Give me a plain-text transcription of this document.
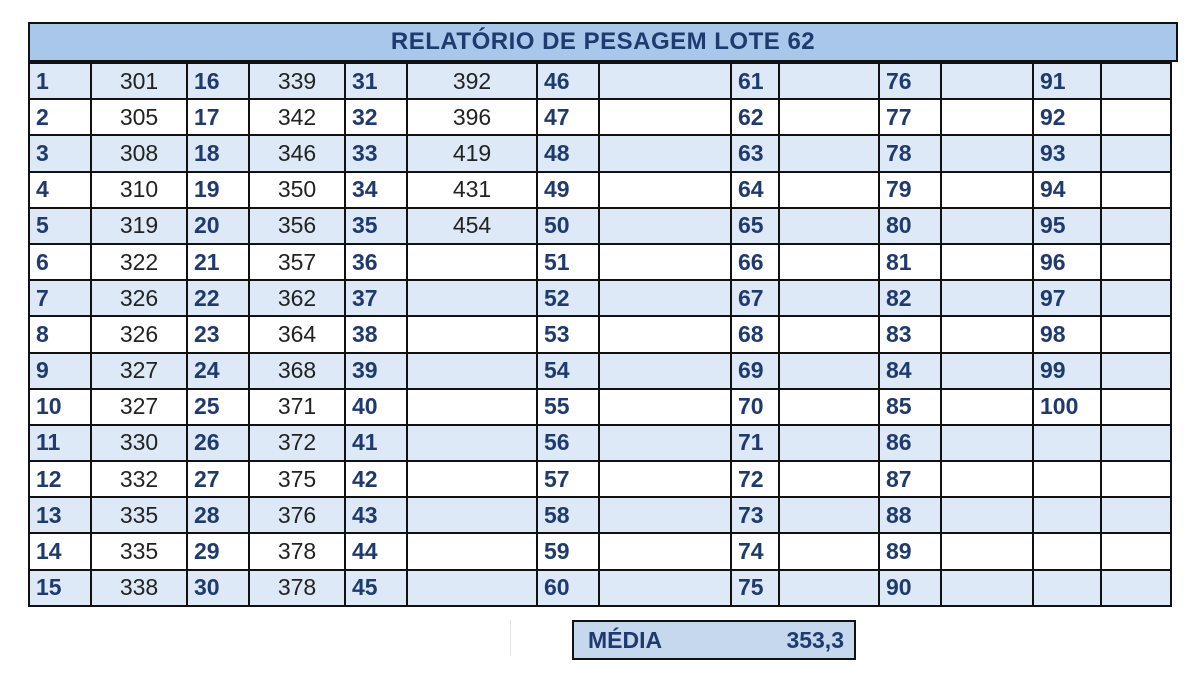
RELATÓRIO DE PESAGEM LOTE 62
1	301	16	339	31	392	46		61		76		91	
2	305	17	342	32	396	47		62		77		92	
3	308	18	346	33	419	48		63		78		93	
4	310	19	350	34	431	49		64		79		94	
5	319	20	356	35	454	50		65		80		95	
6	322	21	357	36		51		66		81		96	
7	326	22	362	37		52		67		82		97	
8	326	23	364	38		53		68		83		98	
9	327	24	368	39		54		69		84		99	
10	327	25	371	40		55		70		85		100	
11	330	26	372	41		56		71		86			
12	332	27	375	42		57		72		87			
13	335	28	376	43		58		73		88			
14	335	29	378	44		59		74		89			
15	338	30	378	45		60		75		90			
MÉDIA	353,3
